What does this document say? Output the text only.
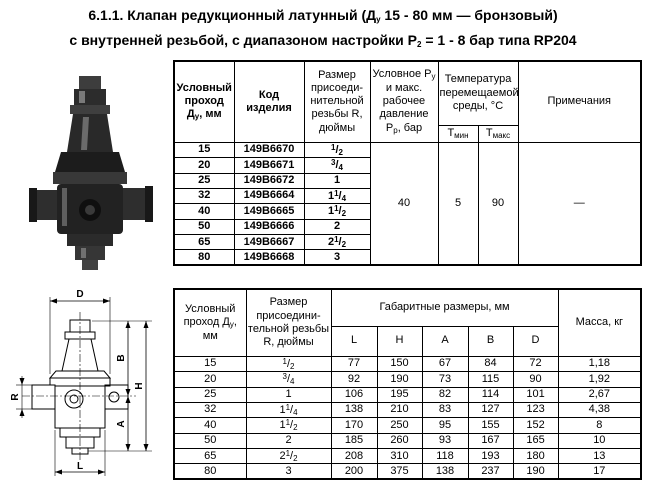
6.1.1. Клапан редукционный латунный (Ду 15 - 80 мм — бронзовый)
с внутренней резьбой, с диапазоном настройки Р2 = 1 - 8 бар типа RP204
Условный проход Ду, мм	Код изделия	Размер присоединительной резьбы R, дюймы	Условное Ру и макс. рабочее давление Рр, бар	Температура перемещаемой среды, °С		Примечания
				Тмин	Тмакс	
15	149B6670	$^1$/2	40	5	90	—
20	149B6671	$^3$/4				
25	149B6672	1				
32	149B6664	$1^1/4$				
40	149B6665	$1^1/2$				
50	149B6666	2				
65	149B6667	$2^1/2$				
80	149B6668	3				
D
B
H
A
R
L
Условный проход Ду, мм	Размер присоединительной резьбы R, дюймы	Габаритные размеры, мм					Масса, кг
		L	H	A	B	D	
15	$^1$/2	77	150	67	84	72	1,18
20	$^3$/4	92	190	73	115	90	1,92
25	1	106	195	82	114	101	2,67
32	$1^1/4$	138	210	83	127	123	4,38
40	$1^1/2$	170	250	95	155	152	8
50	2	185	260	93	167	165	10
65	$2^1/2$	208	310	118	193	180	13
80	3	200	375	138	237	190	17
